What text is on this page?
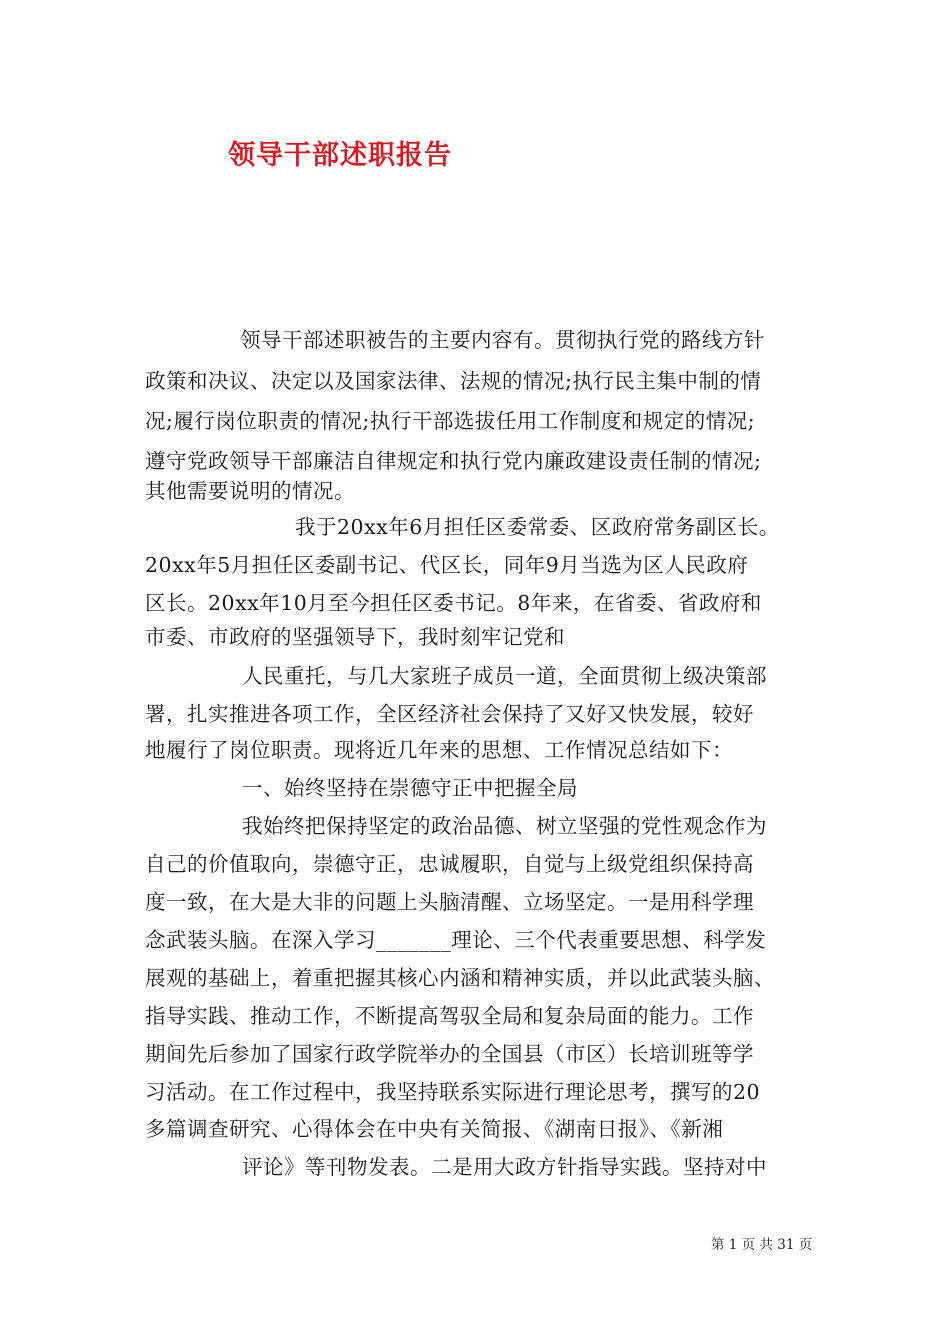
领导干部述职报告
领导干部述职被告的主要内容有。贯彻执行党的路线方针
政策和决议、决定以及国家法律、法规的情况;执行民主集中制的情
况;履行岗位职责的情况;执行干部选拔任用工作制度和规定的情况;
遵守党政领导干部廉洁自律规定和执行党内廉政建设责任制的情况;
其他需要说明的情况。
我于20xx年6月担任区委常委、区政府常务副区长。
20xx年5月担任区委副书记、代区长，同年9月当选为区人民政府
区长。20xx年10月至今担任区委书记。8年来，在省委、省政府和
市委、市政府的坚强领导下，我时刻牢记党和
人民重托，与几大家班子成员一道，全面贯彻上级决策部
署，扎实推进各项工作，全区经济社会保持了又好又快发展，较好
地履行了岗位职责。现将近几年来的思想、工作情况总结如下：
一、始终坚持在崇德守正中把握全局
我始终把保持坚定的政治品德、树立坚强的党性观念作为
自己的价值取向，崇德守正，忠诚履职，自觉与上级党组织保持高
度一致，在大是大非的问题上头脑清醒、立场坚定。一是用科学理
念武装头脑。在深入学习_______理论、三个代表重要思想、科学发
展观的基础上，着重把握其核心内涵和精神实质，并以此武装头脑、
指导实践、推动工作，不断提高驾驭全局和复杂局面的能力。工作
期间先后参加了国家行政学院举办的全国县（市区）长培训班等学
习活动。在工作过程中，我坚持联系实际进行理论思考，撰写的20
多篇调查研究、心得体会在中央有关简报、《湖南日报》、《新湘
评论》等刊物发表。二是用大政方针指导实践。坚持对中
第 1 页 共 31 页
